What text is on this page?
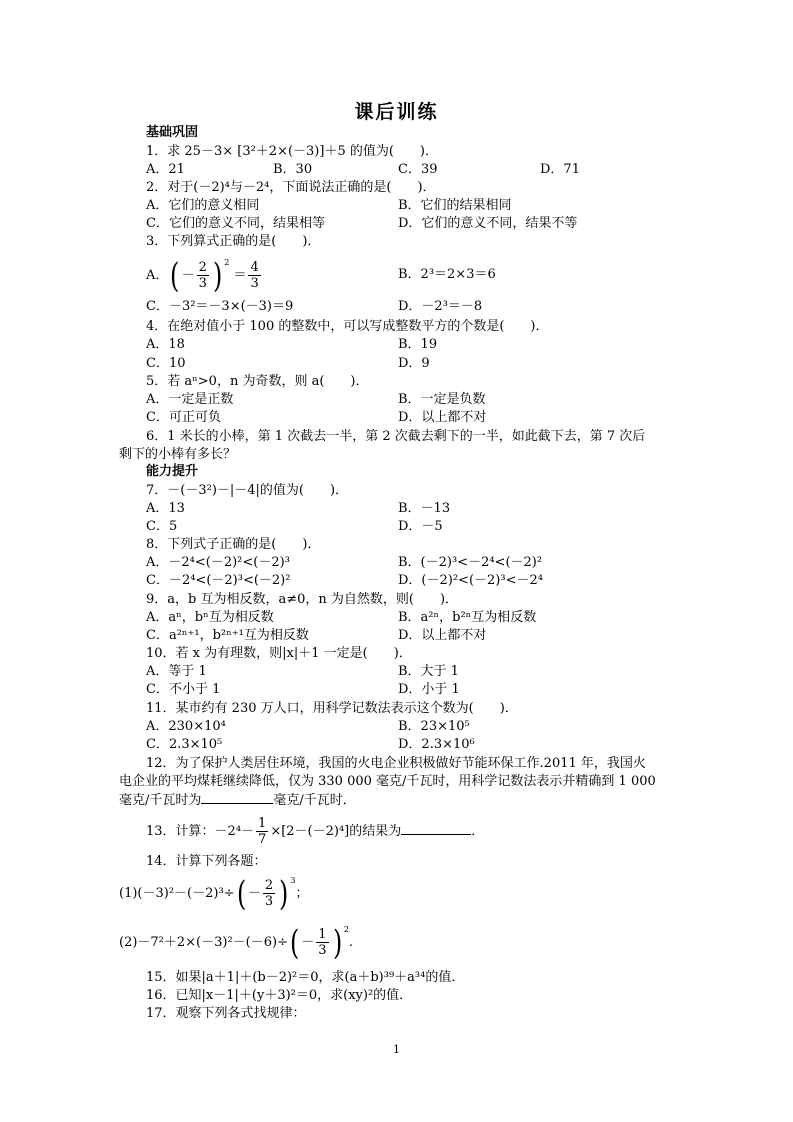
课后训练
基础巩固
1．求 25－3× [3²＋2×(－3)]＋5 的值为(　　)．
A．21	B．30	C．39	D．71
2．对于(－2)⁴与－2⁴，下面说法正确的是(　　)．
A．它们的意义相同	B．它们的结果相同
C．它们的意义不同，结果相等	D．它们的意义不同，结果不等
3．下列算式正确的是(　　)．
A．( － $\frac{2}{3}$ ) $^2 = \frac{4}{3}$	B．2³＝2×3＝6
C．－3²＝－3×(－3)＝9	D．－2³＝－8
4．在绝对值小于 100 的整数中，可以写成整数平方的个数是(　　)．
A．18	B．19
C．10	D．9
5．若 aⁿ>0，n 为奇数，则 a(　　)．
A．一定是正数	B．一定是负数
C．可正可负	D．以上都不对
6．1 米长的小棒，第 1 次截去一半，第 2 次截去剩下的一半，如此截下去，第 7 次后
剩下的小棒有多长？
能力提升
7．－(－3²)－|－4|的值为(　　)．
A．13	B．－13
C．5	D．－5
8．下列式子正确的是(　　)．
A．－2⁴<(－2)²<(－2)³	B．(－2)³<－2⁴<(－2)²
C．－2⁴<(－2)³<(－2)²	D．(－2)²<(－2)³<－2⁴
9．a，b 互为相反数，a≠0，n 为自然数，则(　　)．
A．aⁿ，bⁿ互为相反数	B．a²ⁿ，b²ⁿ互为相反数
C．a²ⁿ⁺¹，b²ⁿ⁺¹互为相反数	D．以上都不对
10．若 x 为有理数，则|x|＋1 一定是(　　)．
A．等于 1	B．大于 1
C．不小于 1	D．小于 1
11．某市约有 230 万人口，用科学记数法表示这个数为(　　)．
A．230×10⁴	B．23×10⁵
C．2.3×10⁵	D．2.3×10⁶
12．为了保护人类居住环境，我国的火电企业积极做好节能环保工作.2011 年，我国火
电企业的平均煤耗继续降低，仅为 330 000 毫克/千瓦时，用科学记数法表示并精确到 1 000
毫克/千瓦时为	毫克/千瓦时．
13．计算：$-2^4- \frac{1}{7} \times[2-(-2)^4]$的结果为	．
14．计算下列各题：
$(1)(-3)^2-(-2)^3\div( - \frac{2}{3}$ ) $^3$；
$(2)-7^2+2\times(-3)^2-(-6)\div( - \frac{1}{3}$ ) $^2$.
15．如果|a＋1|＋(b－2)²＝0，求(a＋b)³⁹＋a³⁴的值．
16．已知|x－1|＋(y＋3)²＝0，求(xy)²的值．
17．观察下列各式找规律：
1
